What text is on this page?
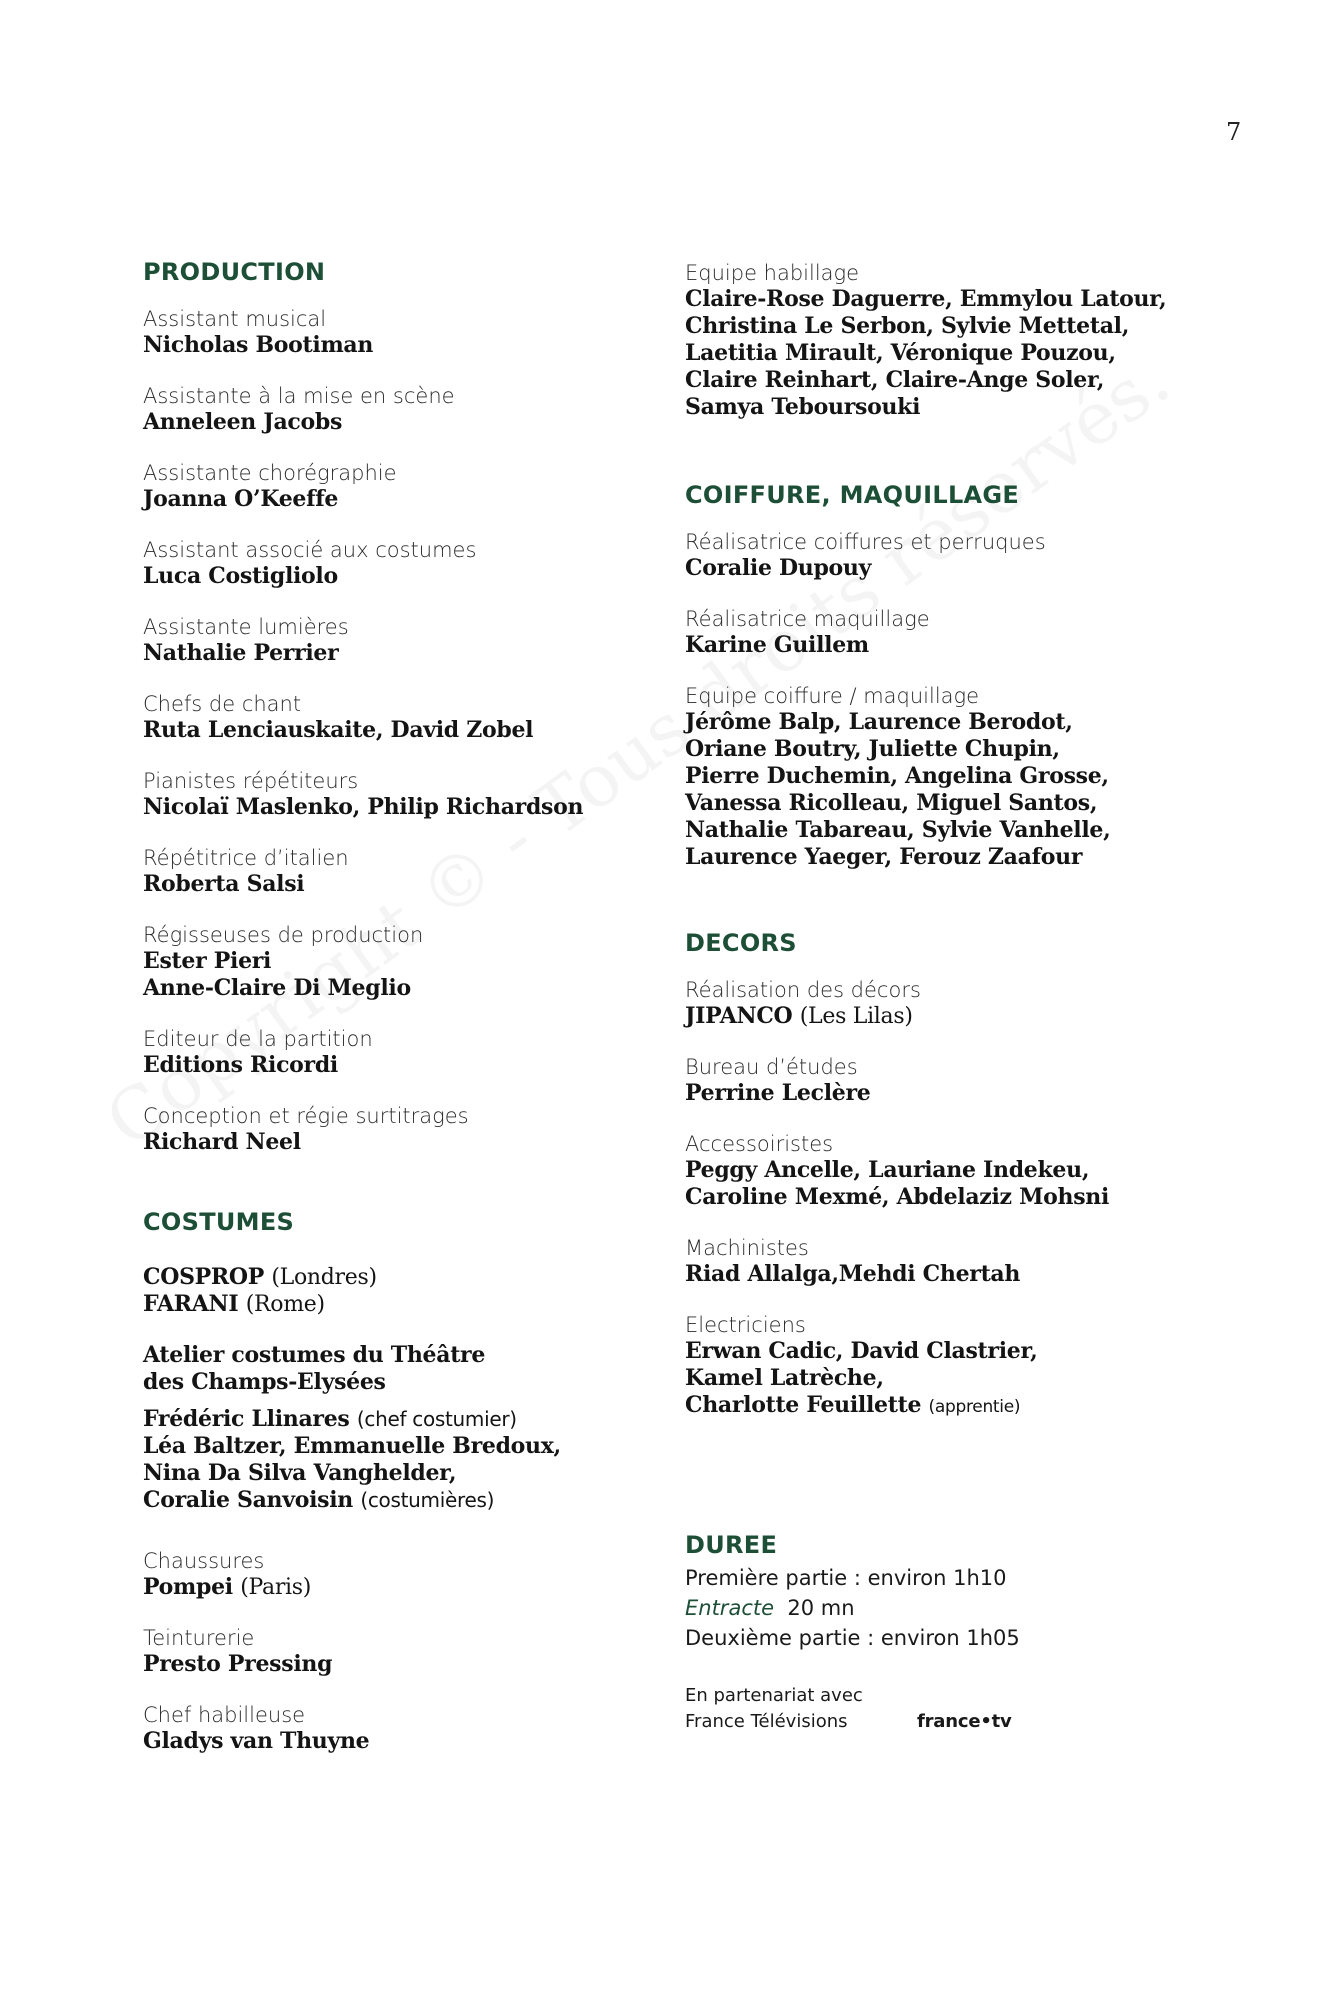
7
PRODUCTION
Assistant musical
Nicholas Bootiman
Assistante à la mise en scène
Anneleen Jacobs
Assistante chorégraphie
Joanna O’Keeffe
Assistant associé aux costumes
Luca Costigliolo
Assistante lumières
Nathalie Perrier
Chefs de chant
Ruta Lenciauskaite, David Zobel
Pianistes répétiteurs
Nicolaï Maslenko, Philip Richardson
Répétitrice d’italien
Roberta Salsi
Régisseuses de production
Ester Pieri
Anne-Claire Di Meglio
Editeur de la partition
Editions Ricordi
Conception et régie surtitrages
Richard Neel
COSTUMES
COSPROP (Londres)
FARANI (Rome)
Atelier costumes du Théâtre
des Champs-Elysées
Frédéric Llinares (chef costumier)
Léa Baltzer, Emmanuelle Bredoux,
Nina Da Silva Vanghelder,
Coralie Sanvoisin (costumières)
Chaussures
Pompei (Paris)
Teinturerie
Presto Pressing
Chef habilleuse
Gladys van Thuyne
Equipe habillage
Claire-Rose Daguerre, Emmylou Latour,
Christina Le Serbon, Sylvie Mettetal,
Laetitia Mirault, Véronique Pouzou,
Claire Reinhart, Claire-Ange Soler,
Samya Teboursouki
COIFFURE, MAQUILLAGE
Réalisatrice coiffures et perruques
Coralie Dupouy
Réalisatrice maquillage
Karine Guillem
Equipe coiffure / maquillage
Jérôme Balp, Laurence Berodot,
Oriane Boutry, Juliette Chupin,
Pierre Duchemin, Angelina Grosse,
Vanessa Ricolleau, Miguel Santos,
Nathalie Tabareau, Sylvie Vanhelle,
Laurence Yaeger, Ferouz Zaafour
DECORS
Réalisation des décors
JIPANCO (Les Lilas)
Bureau d’études
Perrine Leclère
Accessoiristes
Peggy Ancelle, Lauriane Indekeu,
Caroline Mexmé, Abdelaziz Mohsni
Machinistes
Riad Allalga,Mehdi Chertah
Electriciens
Erwan Cadic, David Clastrier,
Kamel Latrèche,
Charlotte Feuillette (apprentie)
DUREE
Première partie : environ 1h10
Entracte 20 mn
Deuxième partie : environ 1h05
En partenariat avec
France Télévisions	france•tv
